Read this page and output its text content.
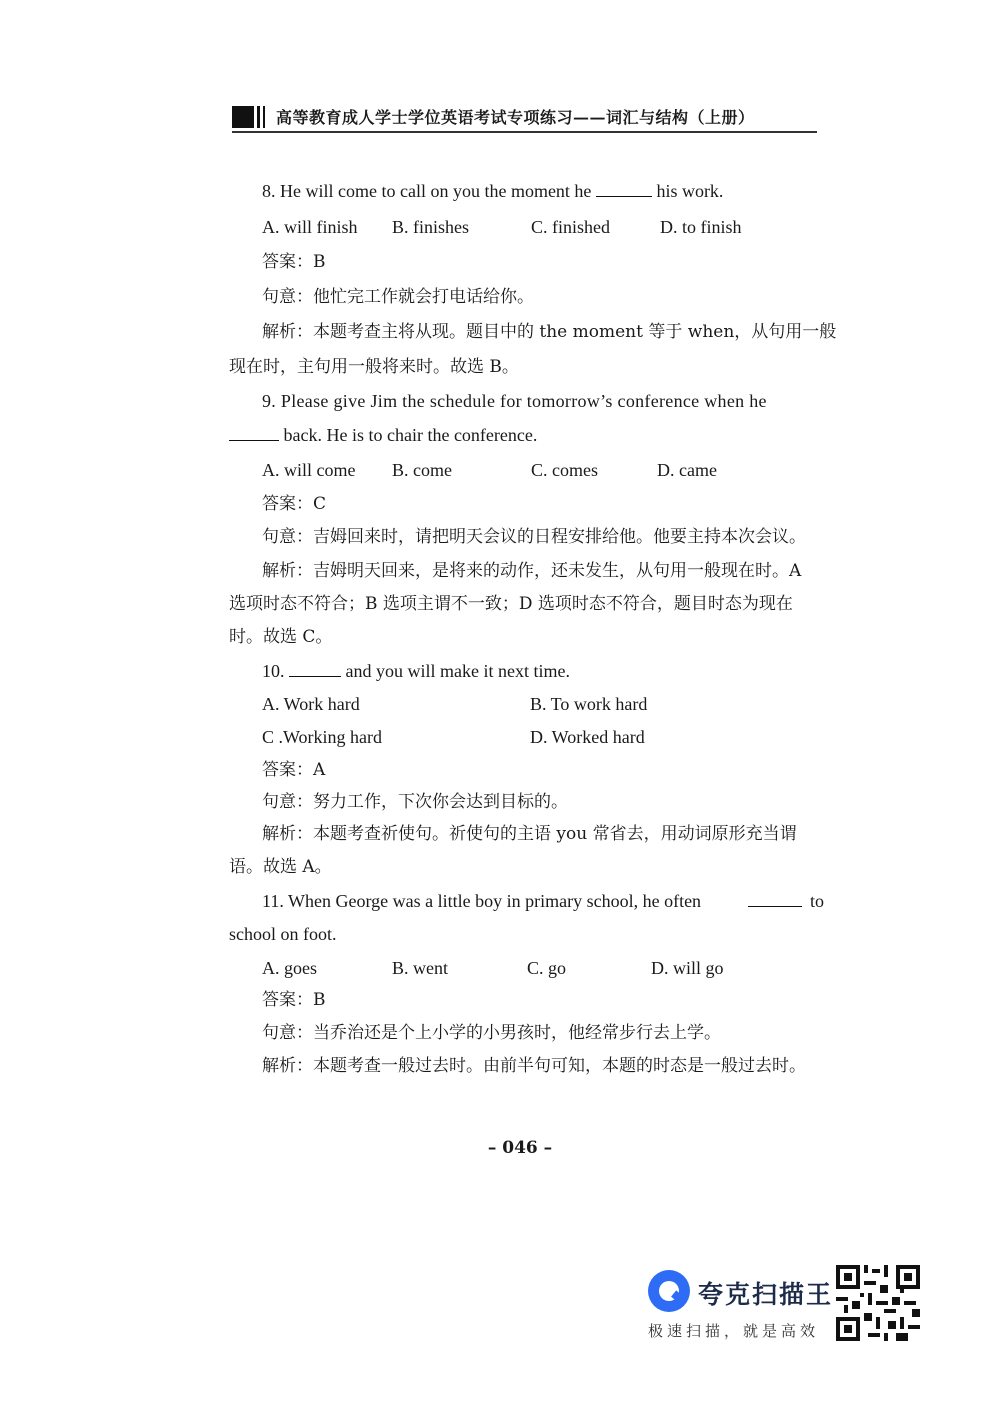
高等教育成人学士学位英语考试专项练习——词汇与结构（上册）
8. He will come to call on you the moment he	his work.
A. will finish B. finishes	C. finished	D. to finish
答案：B
句意：他忙完工作就会打电话给你。
解析：本题考查主将从现。题目中的 the moment 等于 when，从句用一般
现在时，主句用一般将来时。故选 B。
9. Please give Jim the schedule for tomorrow’s conference when he
back. He is to chair the conference.
A. will come B. come	C. comes	D. came
答案：C
句意：吉姆回来时，请把明天会议的日程安排给他。他要主持本次会议。
解析：吉姆明天回来，是将来的动作，还未发生，从句用一般现在时。A
选项时态不符合；B 选项主谓不一致；D 选项时态不符合，题目时态为现在
时。故选 C。
10.	and you will make it next time.
A. Work hard	B. To work hard
C .Working hard	D. Worked hard
答案：A
句意：努力工作，下次你会达到目标的。
解析：本题考查祈使句。祈使句的主语 you 常省去，用动词原形充当谓
语。故选 A。
11. When George was a little boy in primary school, he often	to
school on foot.
A. goes	B. went	C. go	D. will go
答案：B
句意：当乔治还是个上小学的小男孩时，他经常步行去上学。
解析：本题考查一般过去时。由前半句可知，本题的时态是一般过去时。
– 046 –
夸克扫描王
极速扫描，就是高效
